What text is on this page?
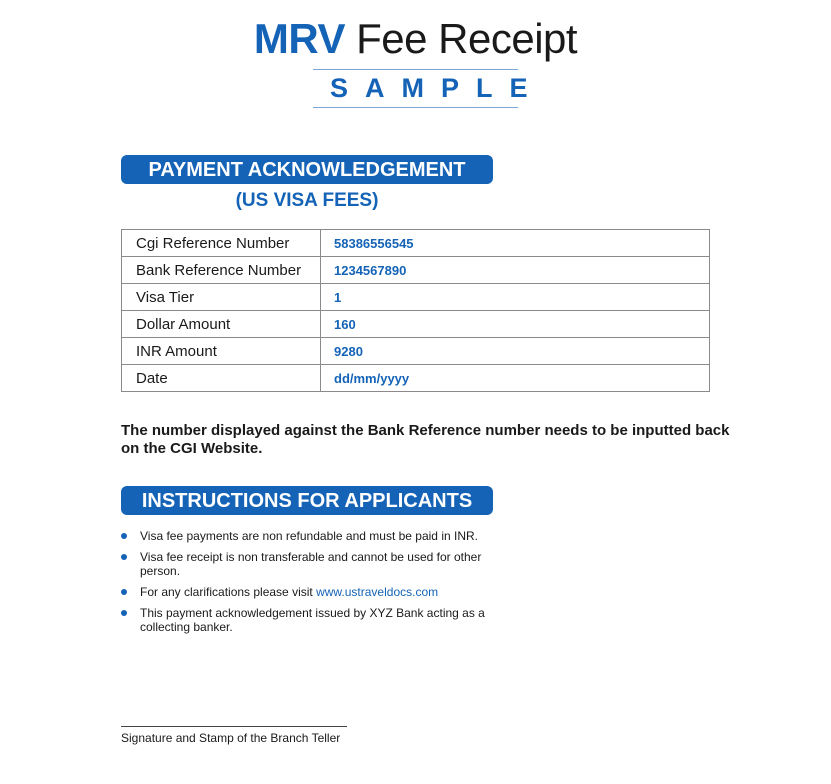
MRV Fee Receipt
SAMPLE
PAYMENT ACKNOWLEDGEMENT
(US VISA FEES)
Cgi Reference Number	58386556545
Bank Reference Number	1234567890
Visa Tier	1
Dollar Amount	160
INR Amount	9280
Date	dd/mm/yyyy
The number displayed against the Bank Reference number needs to be inputted back on the CGI Website.
INSTRUCTIONS FOR APPLICANTS
Visa fee payments are non refundable and must be paid in INR.
Visa fee receipt is non transferable and cannot be used for other person.
For any clarifications please visit www.ustraveldocs.com
This payment acknowledgement issued by XYZ Bank acting as a collecting banker.
Signature and Stamp of the Branch Teller
